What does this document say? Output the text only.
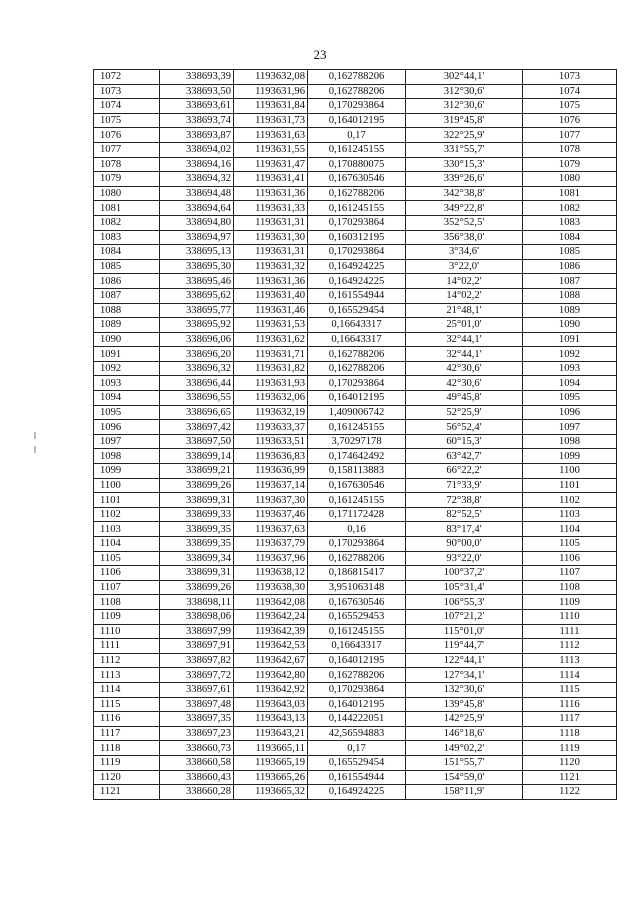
23
1072	338693,39	1193632,08	0,162788206	302°44,1'	1073
1073	338693,50	1193631,96	0,162788206	312°30,6'	1074
1074	338693,61	1193631,84	0,170293864	312°30,6'	1075
1075	338693,74	1193631,73	0,164012195	319°45,8'	1076
1076	338693,87	1193631,63	0,17	322°25,9'	1077
1077	338694,02	1193631,55	0,161245155	331°55,7'	1078
1078	338694,16	1193631,47	0,170880075	330°15,3'	1079
1079	338694,32	1193631,41	0,167630546	339°26,6'	1080
1080	338694,48	1193631,36	0,162788206	342°38,8'	1081
1081	338694,64	1193631,33	0,161245155	349°22,8'	1082
1082	338694,80	1193631,31	0,170293864	352°52,5'	1083
1083	338694,97	1193631,30	0,160312195	356°38,0'	1084
1084	338695,13	1193631,31	0,170293864	3°34,6'	1085
1085	338695,30	1193631,32	0,164924225	3°22,0'	1086
1086	338695,46	1193631,36	0,164924225	14°02,2'	1087
1087	338695,62	1193631,40	0,161554944	14°02,2'	1088
1088	338695,77	1193631,46	0,165529454	21°48,1'	1089
1089	338695,92	1193631,53	0,16643317	25°01,0'	1090
1090	338696,06	1193631,62	0,16643317	32°44,1'	1091
1091	338696,20	1193631,71	0,162788206	32°44,1'	1092
1092	338696,32	1193631,82	0,162788206	42°30,6'	1093
1093	338696,44	1193631,93	0,170293864	42°30,6'	1094
1094	338696,55	1193632,06	0,164012195	49°45,8'	1095
1095	338696,65	1193632,19	1,409006742	52°25,9'	1096
1096	338697,42	1193633,37	0,161245155	56°52,4'	1097
1097	338697,50	1193633,51	3,70297178	60°15,3'	1098
1098	338699,14	1193636,83	0,174642492	63°42,7'	1099
1099	338699,21	1193636,99	0,158113883	66°22,2'	1100
1100	338699,26	1193637,14	0,167630546	71°33,9'	1101
1101	338699,31	1193637,30	0,161245155	72°38,8'	1102
1102	338699,33	1193637,46	0,171172428	82°52,5'	1103
1103	338699,35	1193637,63	0,16	83°17,4'	1104
1104	338699,35	1193637,79	0,170293864	90°00,0'	1105
1105	338699,34	1193637,96	0,162788206	93°22,0'	1106
1106	338699,31	1193638,12	0,186815417	100°37,2'	1107
1107	338699,26	1193638,30	3,951063148	105°31,4'	1108
1108	338698,11	1193642,08	0,167630546	106°55,3'	1109
1109	338698,06	1193642,24	0,165529453	107°21,2'	1110
1110	338697,99	1193642,39	0,161245155	115°01,0'	1111
1111	338697,91	1193642,53	0,16643317	119°44,7'	1112
1112	338697,82	1193642,67	0,164012195	122°44,1'	1113
1113	338697,72	1193642,80	0,162788206	127°34,1'	1114
1114	338697,61	1193642,92	0,170293864	132°30,6'	1115
1115	338697,48	1193643,03	0,164012195	139°45,8'	1116
1116	338697,35	1193643,13	0,144222051	142°25,9'	1117
1117	338697,23	1193643,21	42,56594883	146°18,6'	1118
1118	338660,73	1193665,11	0,17	149°02,2'	1119
1119	338660,58	1193665,19	0,165529454	151°55,7'	1120
1120	338660,43	1193665,26	0,161554944	154°59,0'	1121
1121	338660,28	1193665,32	0,164924225	158°11,9'	1122
